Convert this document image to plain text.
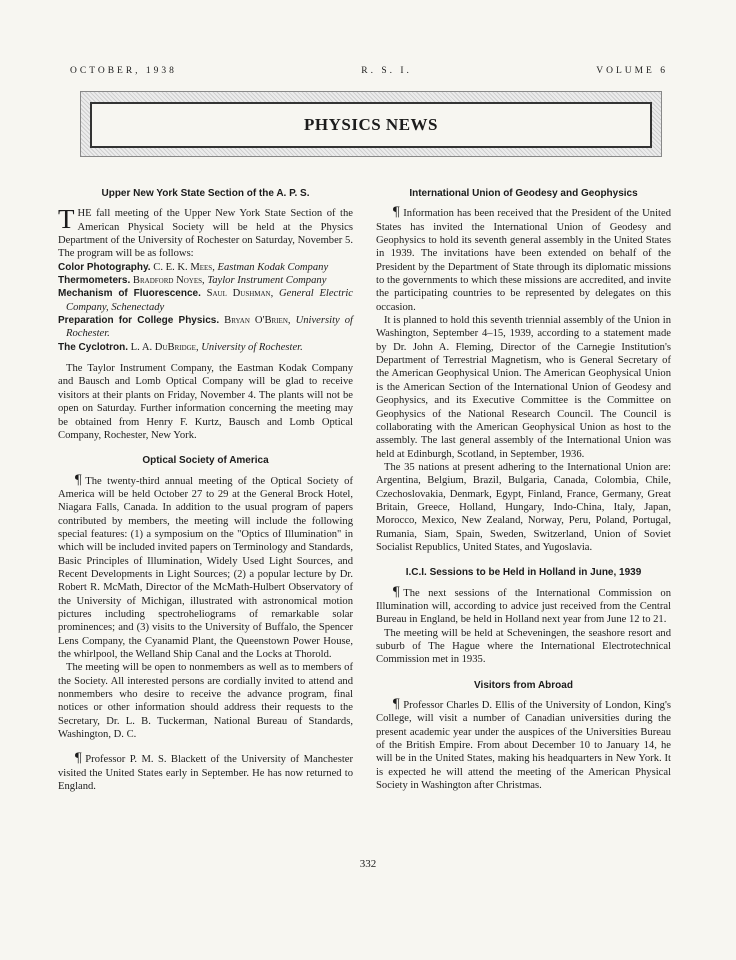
OCTOBER, 1938	R. S. I.	VOLUME 6
PHYSICS NEWS
Upper New York State Section of the A. P. S.

THE fall meeting of the Upper New York State Section of the American Physical Society will be held at the Physics Department of the University of Rochester on Saturday, November 5. The program will be as follows:

Color Photography. C. E. K. Mees, Eastman Kodak Company

Thermometers. Bradford Noyes, Taylor Instrument Company

Mechanism of Fluorescence. Saul Dushman, General Electric Company, Schenectady

Preparation for College Physics. Bryan O'Brien, University of Rochester.

The Cyclotron. L. A. DuBridge, University of Rochester.

The Taylor Instrument Company, the Eastman Kodak Company and Bausch and Lomb Optical Company will be glad to receive visitors at their plants on Friday, November 4. The plants will not be open on Saturday. Further information concerning the meeting may be obtained from Henry F. Kurtz, Bausch and Lomb Optical Company, Rochester, New York.

Optical Society of America

¶ The twenty-third annual meeting of the Optical Society of America will be held October 27 to 29 at the General Brock Hotel, Niagara Falls, Canada. In addition to the usual program of papers contributed by members, the meeting will include the following special features: (1) a symposium on the "Optics of Illumination" in which will be included invited papers on Terminology and Standards, Basic Principles of Illumination, Widely Used Light Sources, and Recent Developments in Light Sources; (2) a popular lecture by Dr. Robert R. McMath, Director of the McMath-Hulbert Observatory of the University of Michigan, illustrated with astronomical motion pictures including spectroheliograms of remarkable solar prominences; and (3) visits to the University of Buffalo, the Spencer Lens Company, the Cyanamid Plant, the Queenstown Power House, the whirlpool, the Welland Ship Canal and the Locks at Thorold.

The meeting will be open to nonmembers as well as to members of the Society. All interested persons are cordially invited to attend and nonmembers who desire to receive the advance program, final notices or other information should address their requests to the Secretary, Dr. L. B. Tuckerman, National Bureau of Standards, Washington, D. C.

¶ Professor P. M. S. Blackett of the University of Manchester visited the United States early in September. He has now returned to England.

International Union of Geodesy and Geophysics

¶ Information has been received that the President of the United States has invited the International Union of Geodesy and Geophysics to hold its seventh general assembly in the United States in 1939. The invitations have been extended on behalf of the President by the Department of State through its diplomatic missions to the governments to which these missions are accredited, and invite the participating countries to be represented by delegates on this occasion.

It is planned to hold this seventh triennial assembly of the Union in Washington, September 4–15, 1939, according to a statement made by Dr. John A. Fleming, Director of the Carnegie Institution's Department of Terrestrial Magnetism, who is General Secretary of the American Geophysical Union. The American Geophysical Union is the American Section of the International Union of Geodesy and Geophysics, and its Executive Committee is the Committee on Geophysics of the National Research Council. The Council is collaborating with the American Geophysical Union as host to the assembly. The last general assembly of the International Union was held at Edinburgh, Scotland, in September, 1936.

The 35 nations at present adhering to the International Union are: Argentina, Belgium, Brazil, Bulgaria, Canada, Colombia, Chile, Czechoslovakia, Denmark, Egypt, Finland, France, Germany, Great Britain, Greece, Holland, Hungary, Indo-China, Italy, Japan, Morocco, Mexico, New Zealand, Norway, Peru, Poland, Portugal, Rumania, Siam, Spain, Sweden, Switzerland, Union of Soviet Socialist Republics, United States, and Yugoslavia.

I.C.I. Sessions to be Held in Holland in June, 1939

¶ The next sessions of the International Commission on Illumination will, according to advice just received from the Central Bureau in England, be held in Holland next year from June 12 to 21.

The meeting will be held at Scheveningen, the seashore resort and suburb of The Hague where the International Electrotechnical Commission met in 1935.

Visitors from Abroad

¶ Professor Charles D. Ellis of the University of London, King's College, will visit a number of Canadian universities during the present academic year under the auspices of the Universities Bureau of the British Empire. From about December 10 to January 14, he will be in the United States, making his headquarters in New York. It is expected he will attend the meeting of the American Physical Society in Washington after Christmas.

332
